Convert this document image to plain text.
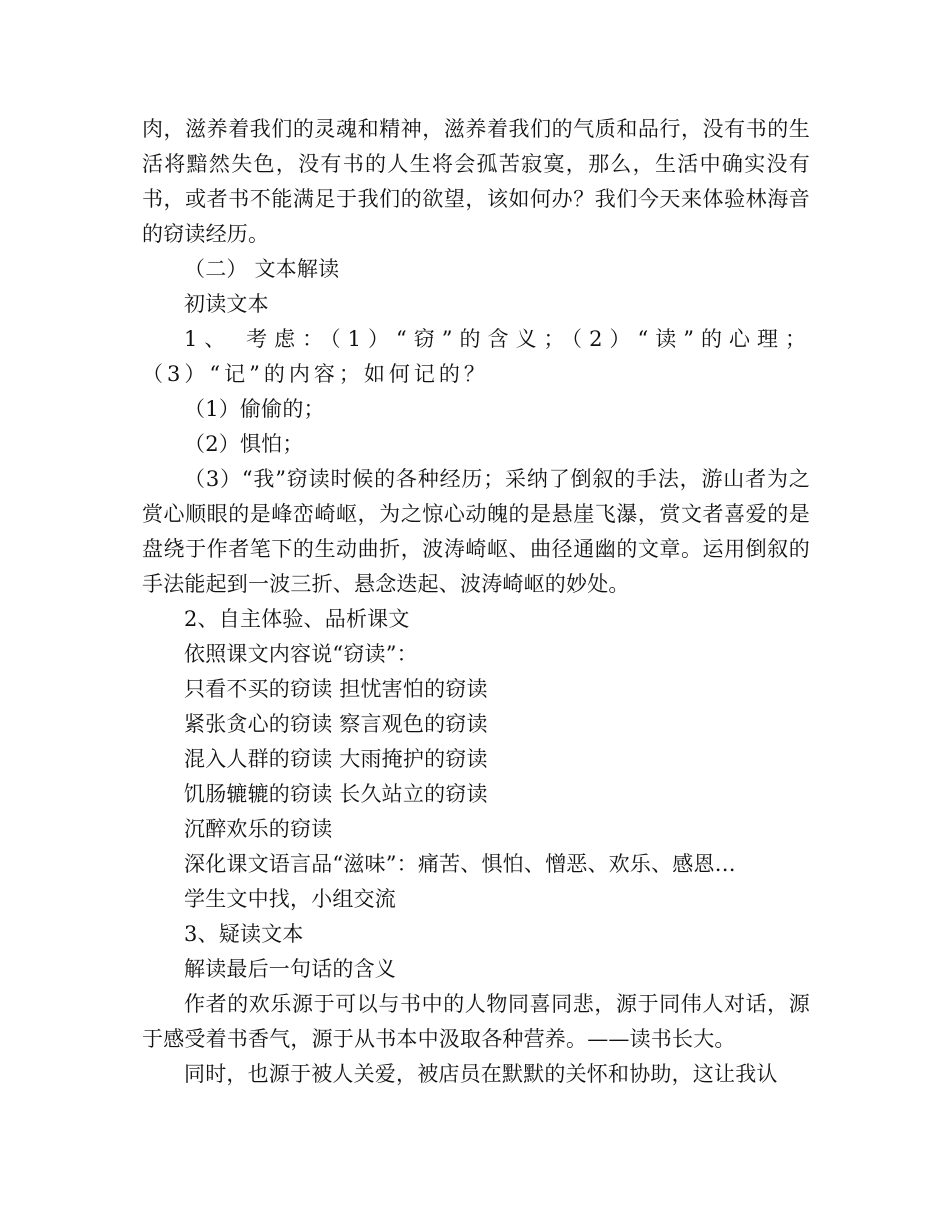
肉，滋养着我们的灵魂和精神，滋养着我们的气质和品行，没有书的生活将黯然失色，没有书的人生将会孤苦寂寞，那么，生活中确实没有书，或者书不能满足于我们的欲望，该如何办？我们今天来体验林海音的窃读经历。

（二） 文本解读

初读文本

1、 考虑：（1）“窃”的含义；（2）“读”的心理；（3）“记”的内容；如何记的？

（1）偷偷的；

（2）惧怕；

（3）“我”窃读时候的各种经历；采纳了倒叙的手法，游山者为之赏心顺眼的是峰峦崎岖，为之惊心动魄的是悬崖飞瀑，赏文者喜爱的是盘绕于作者笔下的生动曲折，波涛崎岖、曲径通幽的文章。运用倒叙的手法能起到一波三折、悬念迭起、波涛崎岖的妙处。

2、自主体验、品析课文

依照课文内容说“窃读”：

只看不买的窃读 担忧害怕的窃读

紧张贪心的窃读 察言观色的窃读

混入人群的窃读 大雨掩护的窃读

饥肠辘辘的窃读 长久站立的窃读

沉醉欢乐的窃读

深化课文语言品“滋味”：痛苦、惧怕、憎恶、欢乐、感恩…

学生文中找，小组交流

3、疑读文本

解读最后一句话的含义

作者的欢乐源于可以与书中的人物同喜同悲，源于同伟人对话，源于感受着书香气，源于从书本中汲取各种营养。——读书长大。

同时，也源于被人关爱，被店员在默默的关怀和协助，这让我认
